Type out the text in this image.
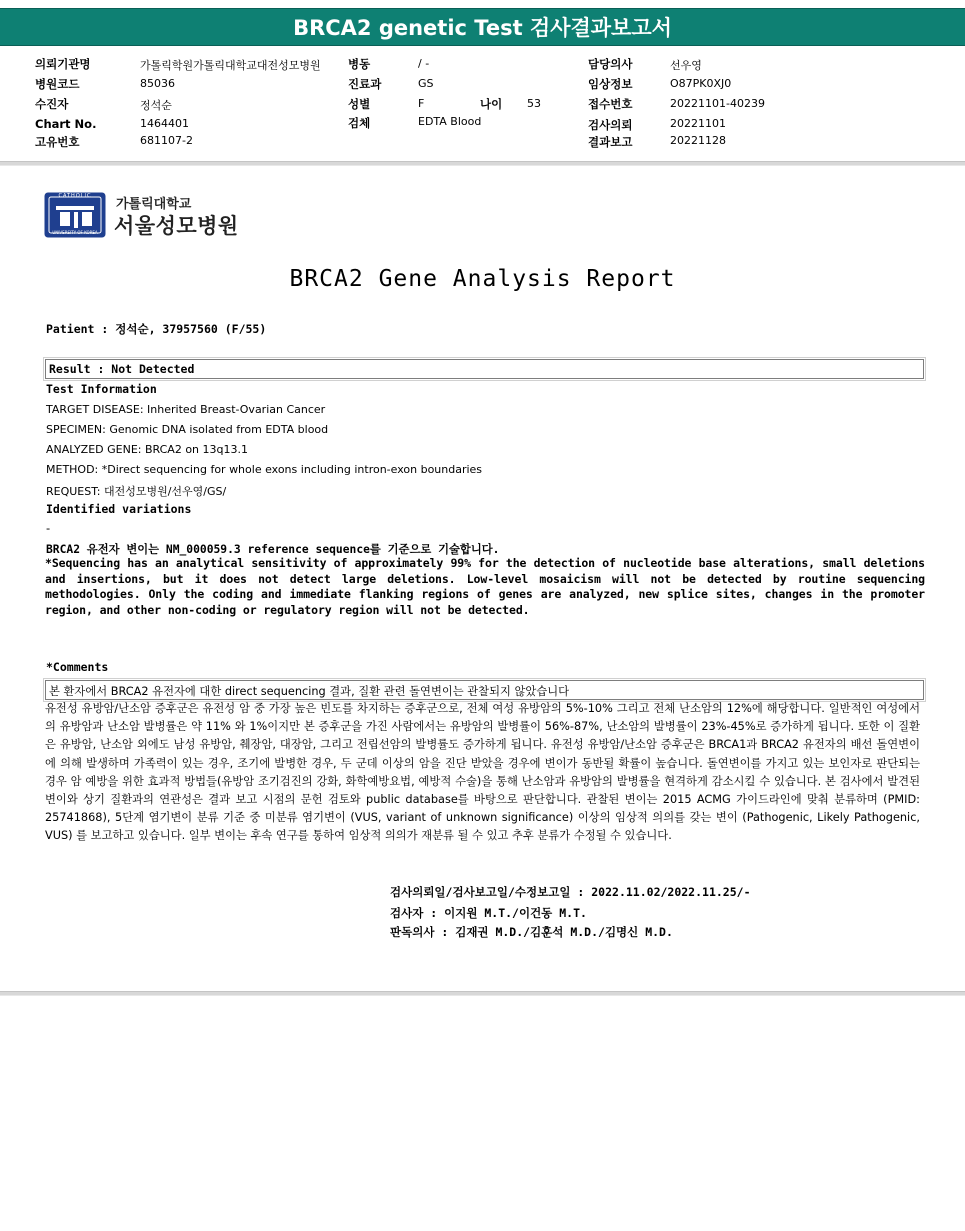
BRCA2 genetic Test 검사결과보고서
의뢰기관명	가톨릭학원가톨릭대학교대전성모병원
병원코드	85036
수진자	정석순
Chart No.	1464401
고유번호	681107-2
병동	/ -
진료과	GS
성별	F	나이 53
검체	EDTA Blood
담당의사	선우영
임상정보	O87PK0XJ0
접수번호	20221101-40239
검사의뢰	20221101
결과보고	20221128
CATHOLIC
UNIVERSITY OF KOREA
가톨릭대학교
서울성모병원
BRCA2 Gene Analysis Report
Patient : 정석순, 37957560 (F/55)
Result : Not Detected
Test Information
TARGET DISEASE: Inherited Breast-Ovarian Cancer
SPECIMEN: Genomic DNA isolated from EDTA blood
ANALYZED GENE: BRCA2 on 13q13.1
METHOD: *Direct sequencing for whole exons including intron-exon boundaries
REQUEST: 대전성모병원/선우영/GS/
Identified variations
-
BRCA2 유전자 변이는 NM_000059.3 reference sequence를 기준으로 기술합니다.
*Sequencing has an analytical sensitivity of approximately 99% for the detection of nucleotide base alterations, small deletions and insertions, but it does not detect large deletions. Low-level mosaicism will not be detected by routine sequencing methodologies. Only the coding and immediate flanking regions of genes are analyzed, new splice sites, changes in the promoter region, and other non-coding or regulatory region will not be detected.
*Comments
본 환자에서 BRCA2 유전자에 대한 direct sequencing 결과, 질환 관련 돌연변이는 관찰되지 않았습니다
유전성 유방암/난소암 증후군은 유전성 암 중 가장 높은 빈도를 차지하는 증후군으로, 전체 여성 유방암의 5%-10% 그리고 전체 난소암의 12%에 해당합니다. 일반적인 여성에서의 유방암과 난소암 발병률은 약 11% 와 1%이지만 본 증후군을 가진 사람에서는 유방암의 발병률이 56%-87%, 난소암의 발병률이 23%-45%로 증가하게 됩니다. 또한 이 질환은 유방암, 난소암 외에도 남성 유방암, 췌장암, 대장암, 그리고 전립선암의 발병률도 증가하게 됩니다. 유전성 유방암/난소암 증후군은 BRCA1과 BRCA2 유전자의 배선 돌연변이에 의해 발생하며 가족력이 있는 경우, 조기에 발병한 경우, 두 군데 이상의 암을 진단 받았을 경우에 변이가 동반될 확률이 높습니다. 돌연변이를 가지고 있는 보인자로 판단되는 경우 암 예방을 위한 효과적 방법들(유방암 조기검진의 강화, 화학예방요법, 예방적 수술)을 통해 난소암과 유방암의 발병률을 현격하게 감소시킬 수 있습니다. 본 검사에서 발견된 변이와 상기 질환과의 연관성은 결과 보고 시점의 문헌 검토와 public database를 바탕으로 판단합니다. 관찰된 변이는 2015 ACMG 가이드라인에 맞춰 분류하며 (PMID: 25741868), 5단계 염기변이 분류 기준 중 미분류 염기변이 (VUS, variant of unknown significance) 이상의 임상적 의의를 갖는 변이 (Pathogenic, Likely Pathogenic, VUS) 를 보고하고 있습니다. 일부 변이는 후속 연구를 통하여 임상적 의의가 재분류 될 수 있고 추후 분류가 수정될 수 있습니다.
검사의뢰일/검사보고일/수정보고일 : 2022.11.02/2022.11.25/-
검사자 : 이지원 M.T./이건동 M.T.
판독의사 : 김재권 M.D./김훈석 M.D./김명신 M.D.
